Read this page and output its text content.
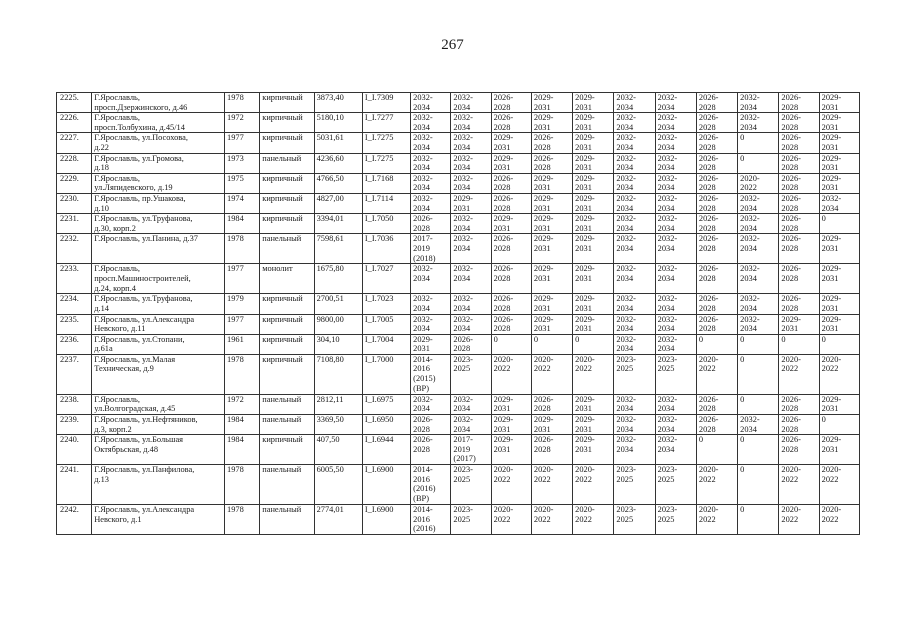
267
2225.	Г.Ярославль,
просп.Дзержинского, д.46	1978	кирпичный	3873,40	I_I.7309	2032-
2034	2032-
2034	2026-
2028	2029-
2031	2029-
2031	2032-
2034	2032-
2034	2026-
2028	2032-
2034	2026-
2028	2029-
2031
2226.	Г.Ярославль,
просп.Толбухина, д.45/14	1972	кирпичный	5180,10	I_I.7277	2032-
2034	2032-
2034	2026-
2028	2029-
2031	2029-
2031	2032-
2034	2032-
2034	2026-
2028	2032-
2034	2026-
2028	2029-
2031
2227.	Г.Ярославль, ул.Посохова,
д.22	1977	кирпичный	5031,61	I_I.7275	2032-
2034	2032-
2034	2029-
2031	2026-
2028	2029-
2031	2032-
2034	2032-
2034	2026-
2028	0	2026-
2028	2029-
2031
2228.	Г.Ярославль, ул.Громова,
д.18	1973	панельный	4236,60	I_I.7275	2032-
2034	2032-
2034	2029-
2031	2026-
2028	2029-
2031	2032-
2034	2032-
2034	2026-
2028	0	2026-
2028	2029-
2031
2229.	Г.Ярославль,
ул.Ляпидевского, д.19	1975	кирпичный	4766,50	I_I.7168	2032-
2034	2032-
2034	2026-
2028	2029-
2031	2029-
2031	2032-
2034	2032-
2034	2026-
2028	2020-
2022	2026-
2028	2029-
2031
2230.	Г.Ярославль, пр.Ушакова,
д.10	1974	кирпичный	4827,00	I_I.7114	2032-
2034	2029-
2031	2026-
2028	2029-
2031	2029-
2031	2032-
2034	2032-
2034	2026-
2028	2032-
2034	2026-
2028	2032-
2034
2231.	Г.Ярославль, ул.Труфанова,
д.30, корп.2	1984	кирпичный	3394,01	I_I.7050	2026-
2028	2032-
2034	2029-
2031	2029-
2031	2029-
2031	2032-
2034	2032-
2034	2026-
2028	2032-
2034	2026-
2028	0
2232.	Г.Ярославль, ул.Панина, д.37	1978	панельный	7598,61	I_I.7036	2017-
2019
(2018)	2032-
2034	2026-
2028	2029-
2031	2029-
2031	2032-
2034	2032-
2034	2026-
2028	2032-
2034	2026-
2028	2029-
2031
2233.	Г.Ярославль,
просп.Машиностроителей,
д.24, корп.4	1977	монолит	1675,80	I_I.7027	2032-
2034	2032-
2034	2026-
2028	2029-
2031	2029-
2031	2032-
2034	2032-
2034	2026-
2028	2032-
2034	2026-
2028	2029-
2031
2234.	Г.Ярославль, ул.Труфанова,
д.14	1979	кирпичный	2700,51	I_I.7023	2032-
2034	2032-
2034	2026-
2028	2029-
2031	2029-
2031	2032-
2034	2032-
2034	2026-
2028	2032-
2034	2026-
2028	2029-
2031
2235.	Г.Ярославль, ул.Александра
Невского, д.11	1977	кирпичный	9800,00	I_I.7005	2032-
2034	2032-
2034	2026-
2028	2029-
2031	2029-
2031	2032-
2034	2032-
2034	2026-
2028	2032-
2034	2029-
2031	2029-
2031
2236.	Г.Ярославль, ул.Стопани,
д.61а	1961	кирпичный	304,10	I_I.7004	2029-
2031	2026-
2028	0	0	0	2032-
2034	2032-
2034	0	0	0	0
2237.	Г.Ярославль, ул.Малая
Техническая, д.9	1978	кирпичный	7108,80	I_I.7000	2014-
2016
(2015)
(ВР)	2023-
2025	2020-
2022	2020-
2022	2020-
2022	2023-
2025	2023-
2025	2020-
2022	0	2020-
2022	2020-
2022
2238.	Г.Ярославль,
ул.Волгоградская, д.45	1972	панельный	2812,11	I_I.6975	2032-
2034	2032-
2034	2029-
2031	2026-
2028	2029-
2031	2032-
2034	2032-
2034	2026-
2028	0	2026-
2028	2029-
2031
2239.	Г.Ярославль, ул.Нефтяников,
д.3, корп.2	1984	панельный	3369,50	I_I.6950	2026-
2028	2032-
2034	2029-
2031	2029-
2031	2029-
2031	2032-
2034	2032-
2034	2026-
2028	2032-
2034	2026-
2028	0
2240.	Г.Ярославль, ул.Большая
Октябрьская, д.48	1984	кирпичный	407,50	I_I.6944	2026-
2028	2017-
2019
(2017)	2029-
2031	2026-
2028	2029-
2031	2032-
2034	2032-
2034	0	0	2026-
2028	2029-
2031
2241.	Г.Ярославль, ул.Панфилова,
д.13	1978	панельный	6005,50	I_I.6900	2014-
2016
(2016)
(ВР)	2023-
2025	2020-
2022	2020-
2022	2020-
2022	2023-
2025	2023-
2025	2020-
2022	0	2020-
2022	2020-
2022
2242.	Г.Ярославль, ул.Александра
Невского, д.1	1978	панельный	2774,01	I_I.6900	2014-
2016
(2016)	2023-
2025	2020-
2022	2020-
2022	2020-
2022	2023-
2025	2023-
2025	2020-
2022	0	2020-
2022	2020-
2022
